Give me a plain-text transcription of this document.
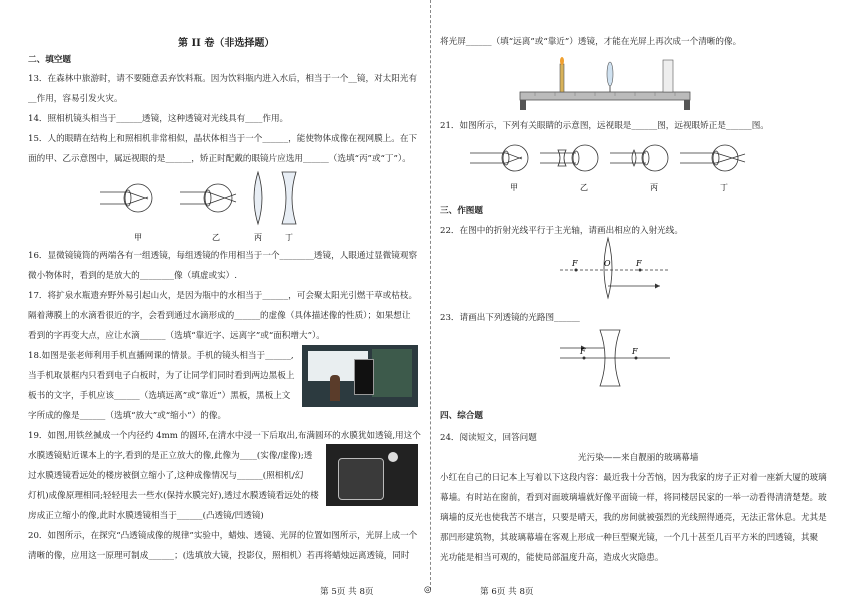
第 II 卷（非选择题）
二、填空题
13．在森林中旅游时，请不要随意丢弃饮料瓶。因为饮料瓶内进入水后，相当于一个__镜，对太阳光有
__作用，容易引发火灾。
14．照相机镜头相当于______透镜，这种透镜对光线具有____作用。
15．人的眼睛在结构上和照相机非常相似，晶状体相当于一个______，能使物体成像在视网膜上。在下
面的甲、乙示意图中，属远视眼的是______，矫正时配戴的眼镜片应选用______（选填“丙”或“丁”）。
甲	乙	丙	丁
16．显微镜镜筒的两端各有一组透镜，每组透镜的作用相当于一个________透镜，人眼通过显微镜观察
微小物体时，看到的是放大的________像（填虚或实）.
17．将扩泉水瓶遗弃野外易引起山火，是因为瓶中的水相当于______，可会聚太阳光引燃干草或枯枝。
隔着薄膜上的水滴看很近的字，会看到通过水滴形成的______的虚像（具体描述像的性质）；如果想让
看到的字再变大点，应让水滴______（选填“靠近字、远离字”或“面积增大”）。
18.如图是张老师利用手机直播网课的情景。手机的镜头相当于______,
当手机取景框内只看到电子白板时，为了让同学们同时看到两边黑板上
板书的文字，手机应该______（选填远离”或“靠近”）黑板，黑板上文
字所成的像是______（选填“放大”或“缩小”）的像。
19．如图,用铁丝揻成一个内径约 4mm 的圆环,在清水中浸一下后取出,布满圆环的水膜犹如透镜,用这个
水膜透镜贴近课本上的字,看到的是正立放大的像,此像为____(实像/虚像);透
过水膜透镜看远处的楼房被倒立缩小了,这种成像情况与______(照相机/幻
灯机)成像原理相同;轻轻甩去一些水(保持水膜完好),透过水膜透镜看远处的楼
房成正立缩小的像,此时水膜透镜相当于______(凸透镜/凹透镜)
20．如图所示，在探究“凸透镜成像的规律”实验中，蜡烛、透镜、光屏的位置如图所示，光屏上成一个
清晰的像，应用这一原理可制成______；(选填放大镜，投影仪，照相机）若再将蜡烛远离透镜，同时
将光屏______（填“远离”或“靠近”）透镜，才能在光屏上再次成一个清晰的像。
21．如图所示，下列有关眼睛的示意图，远视眼是______图，远视眼矫正是______图。
甲	乙	丙	丁
三、作图题
22．在图中的折射光线平行于主光轴，请画出相应的入射光线。
F	O	F
23．请画出下列透镜的光路图______
F	F
四、综合题
24．阅读短文，回答问题
光污染——来自靓丽的玻璃幕墙
小红在自己的日记本上写着以下这段内容：最近我十分苦恼，因为我家的房子正对着一座新大厦的玻璃
幕墙。有时站在窗前，看到对面玻璃墙就好像平面镜一样，将同楼居民家的一举一动看得清清楚楚。玻
璃墙的反光也使我苦不堪言，只要是晴天，我的房间就被强烈的光线照得通亮，无法正常休息。尤其是
那凹形建筑物，其玻璃幕墙在客观上形成一种巨型聚光镜，一个几十甚至几百平方米的凹透镜，其聚
光功能是相当可观的，能使局部温度升高，造成火灾隐患。
第 5页 共 8页	◎	第 6页 共 8页
